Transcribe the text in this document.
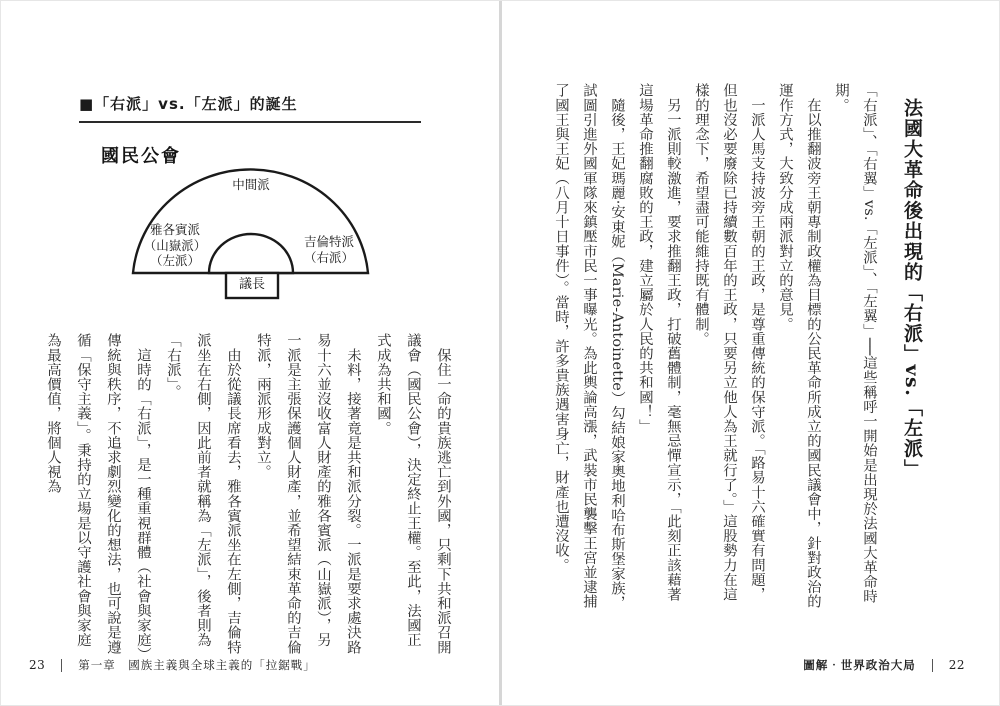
■「右派」vs.「左派」的誕生
國民公會
中間派
雅各賓派
（山嶽派）
（左派）
吉倫特派
（右派）
議長

　保住一命的貴族逃亡到外國，只剩下共和派召開議會（國民公會），決定終止王權。至此，法國正式成為共和國。

　未料，接著竟是共和派分裂。一派是要求處決路易十六並沒收富人財產的雅各賓派（山嶽派），另一派是主張保護個人財產，並希望結束革命的吉倫特派，兩派形成對立。

　由於從議長席看去，雅各賓派坐在左側，吉倫特派坐在右側，因此前者就稱為「左派」，後者則為「右派」。

　這時的「右派」，是一種重視群體（社會與家庭）傳統與秩序，不追求劇烈變化的想法，也可說是遵循「保守主義」。秉持的立場是以守護社會與家庭為最高價值，將個人視為

23	第一章　國族主義與全球主義的「拉鋸戰」
法國大革命後出現的「右派」vs.「左派」

「右派」、「右翼」vs.「左派」、「左翼」──這些稱呼一開始是出現於法國大革命時期。

　在以推翻波旁王朝專制政權為目標的公民革命所成立的國民議會中，針對政治的運作方式，大致分成兩派對立的意見。

　一派人馬支持波旁王朝的王政，是尊重傳統的保守派。「路易十六確實有問題，但也沒必要廢除已持續數百年的王政，只要另立他人為王就行了。」這股勢力在這樣的理念下，希望盡可能維持既有體制。

　另一派則較激進，要求推翻王政，打破舊體制，毫無忌憚宣示，「此刻正該藉著這場革命推翻腐敗的王政，建立屬於人民的共和國！」

　隨後，王妃瑪麗‧安東妮（Marie-Antoinette）勾結娘家奧地利哈布斯堡家族，試圖引進外國軍隊來鎮壓市民一事曝光。為此輿論高漲，武裝市民襲擊王宮並逮捕了國王與王妃（八月十日事件）。當時，許多貴族遇害身亡，財產也遭沒收。

圖解‧世界政治大局	22
